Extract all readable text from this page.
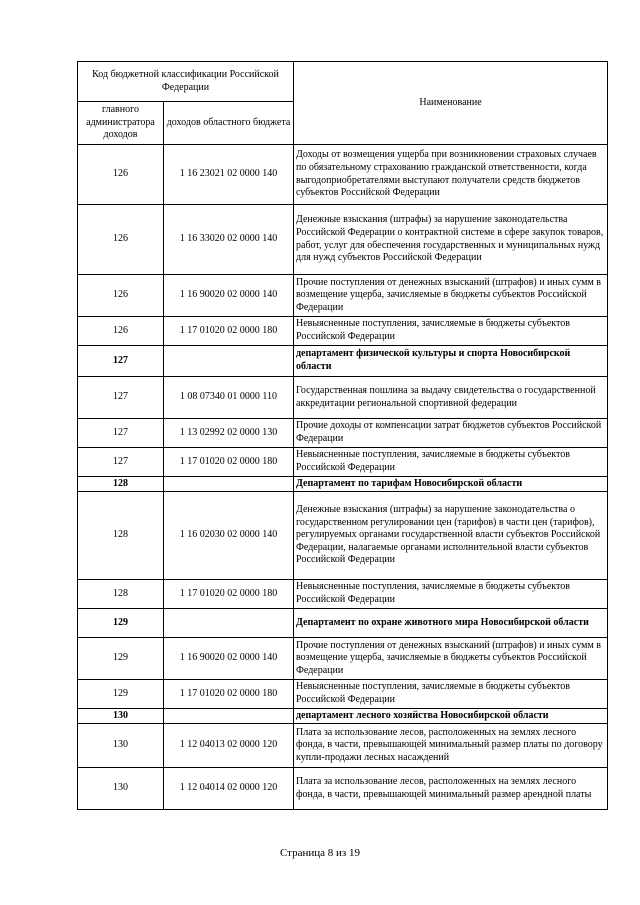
Код бюджетной классификации Российской Федерации		Наименование
главного администратора доходов	доходов областного бюджета	
126	1 16 23021 02 0000 140	Доходы от возмещения ущерба при возникновении страховых случаев по обязательному страхованию гражданской ответственности, когда выгодоприобретателями выступают получатели средств бюджетов субъектов Российской Федерации
126	1 16 33020 02 0000 140	Денежные взыскания (штрафы) за нарушение законодательства Российской Федерации о контрактной системе в сфере закупок товаров, работ, услуг для обеспечения государственных и муниципальных нужд для нужд субъектов Российской Федерации
126	1 16 90020 02 0000 140	Прочие поступления от денежных взысканий (штрафов) и иных сумм в возмещение ущерба, зачисляемые в бюджеты субъектов Российской Федерации
126	1 17 01020 02 0000 180	Невыясненные поступления, зачисляемые в бюджеты субъектов Российской Федерации
127		департамент физической культуры и спорта Новосибирской области
127	1 08 07340 01 0000 110	Государственная пошлина за выдачу свидетельства о государственной аккредитации региональной спортивной федерации
127	1 13 02992 02 0000 130	Прочие доходы от компенсации затрат бюджетов субъектов Российской Федерации
127	1 17 01020 02 0000 180	Невыясненные поступления, зачисляемые в бюджеты субъектов Российской Федерации
128		Департамент по тарифам Новосибирской области
128	1 16 02030 02 0000 140	Денежные взыскания (штрафы) за нарушение законодательства о государственном регулировании цен (тарифов) в части цен (тарифов), регулируемых органами государственной власти субъектов Российской Федерации, налагаемые органами исполнительной власти субъектов Российской Федерации
128	1 17 01020 02 0000 180	Невыясненные поступления, зачисляемые в бюджеты субъектов Российской Федерации
129		Департамент по охране животного мира Новосибирской области
129	1 16 90020 02 0000 140	Прочие поступления от денежных взысканий (штрафов) и иных сумм в возмещение ущерба, зачисляемые в бюджеты субъектов Российской Федерации
129	1 17 01020 02 0000 180	Невыясненные поступления, зачисляемые в бюджеты субъектов Российской Федерации
130		департамент лесного хозяйства Новосибирской области
130	1 12 04013 02 0000 120	Плата за использование лесов, расположенных на землях лесного фонда, в части, превышающей минимальный размер платы по договору купли-продажи лесных насаждений
130	1 12 04014 02 0000 120	Плата за использование лесов, расположенных на землях лесного фонда, в части, превышающей минимальный размер арендной платы
Страница 8 из 19
